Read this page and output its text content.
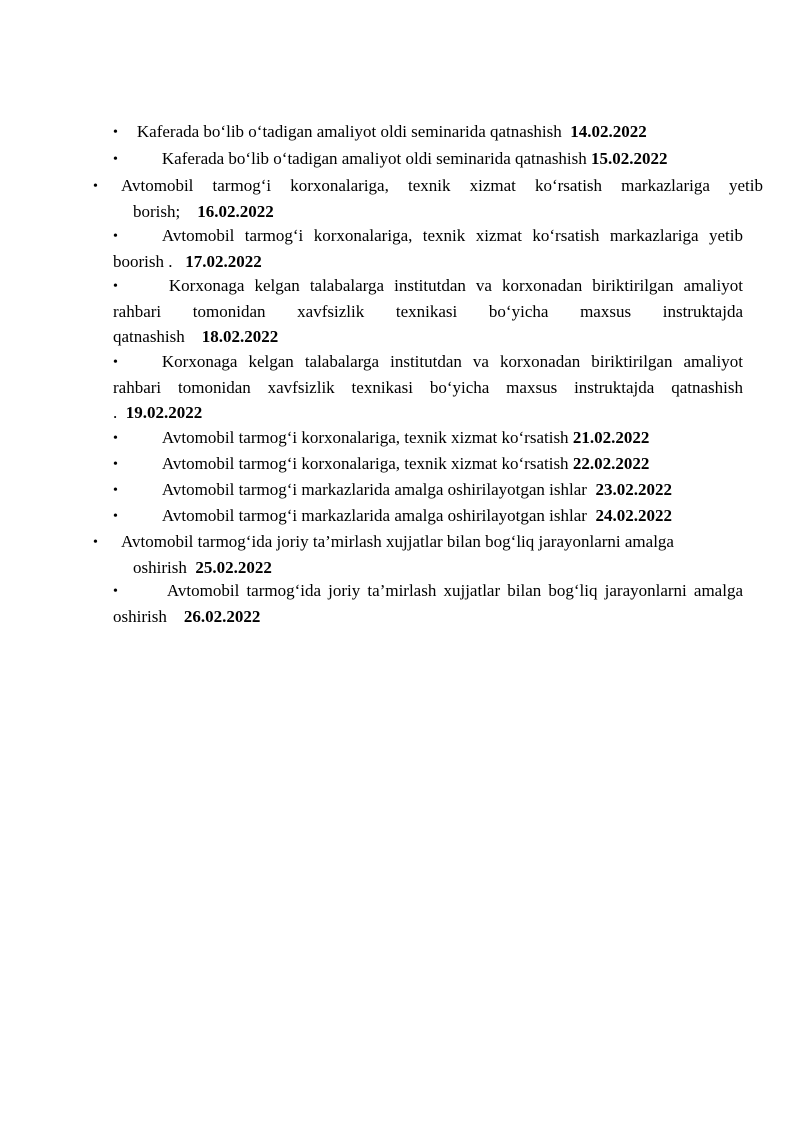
• Kaferada bo‘lib o‘tadigan amaliyot oldi seminarida qatnashish 14.02.2022

•	Kaferada bo‘lib o‘tadigan amaliyot oldi seminarida qatnashish 15.02.2022

• Avtomobil tarmog‘i korxonalariga, texnik xizmat ko‘rsatish markazlariga yetib borish; 16.02.2022

•	Avtomobil tarmog‘i korxonalariga, texnik xizmat ko‘rsatish markazlariga yetib boorish . 17.02.2022

•	Korxonaga kelgan talabalarga institutdan va korxonadan biriktirilgan amaliyot rahbari tomonidan xavfsizlik texnikasi bo‘yicha maxsus instruktajda qatnashish 18.02.2022

•	Korxonaga kelgan talabalarga institutdan va korxonadan biriktirilgan amaliyot rahbari tomonidan xavfsizlik texnikasi bo‘yicha maxsus instruktajda qatnashish . 19.02.2022

•	Avtomobil tarmog‘i korxonalariga, texnik xizmat ko‘rsatish 21.02.2022

•	Avtomobil tarmog‘i korxonalariga, texnik xizmat ko‘rsatish 22.02.2022

•	Avtomobil tarmog‘i markazlarida amalga oshirilayotgan ishlar 23.02.2022

•	Avtomobil tarmog‘i markazlarida amalga oshirilayotgan ishlar 24.02.2022

• Avtomobil tarmog‘ida joriy ta’mirlash xujjatlar bilan bog‘liq jarayonlarni amalga oshirish 25.02.2022

•	Avtomobil tarmog‘ida joriy ta’mirlash xujjatlar bilan bog‘liq jarayonlarni amalga oshirish 26.02.2022
